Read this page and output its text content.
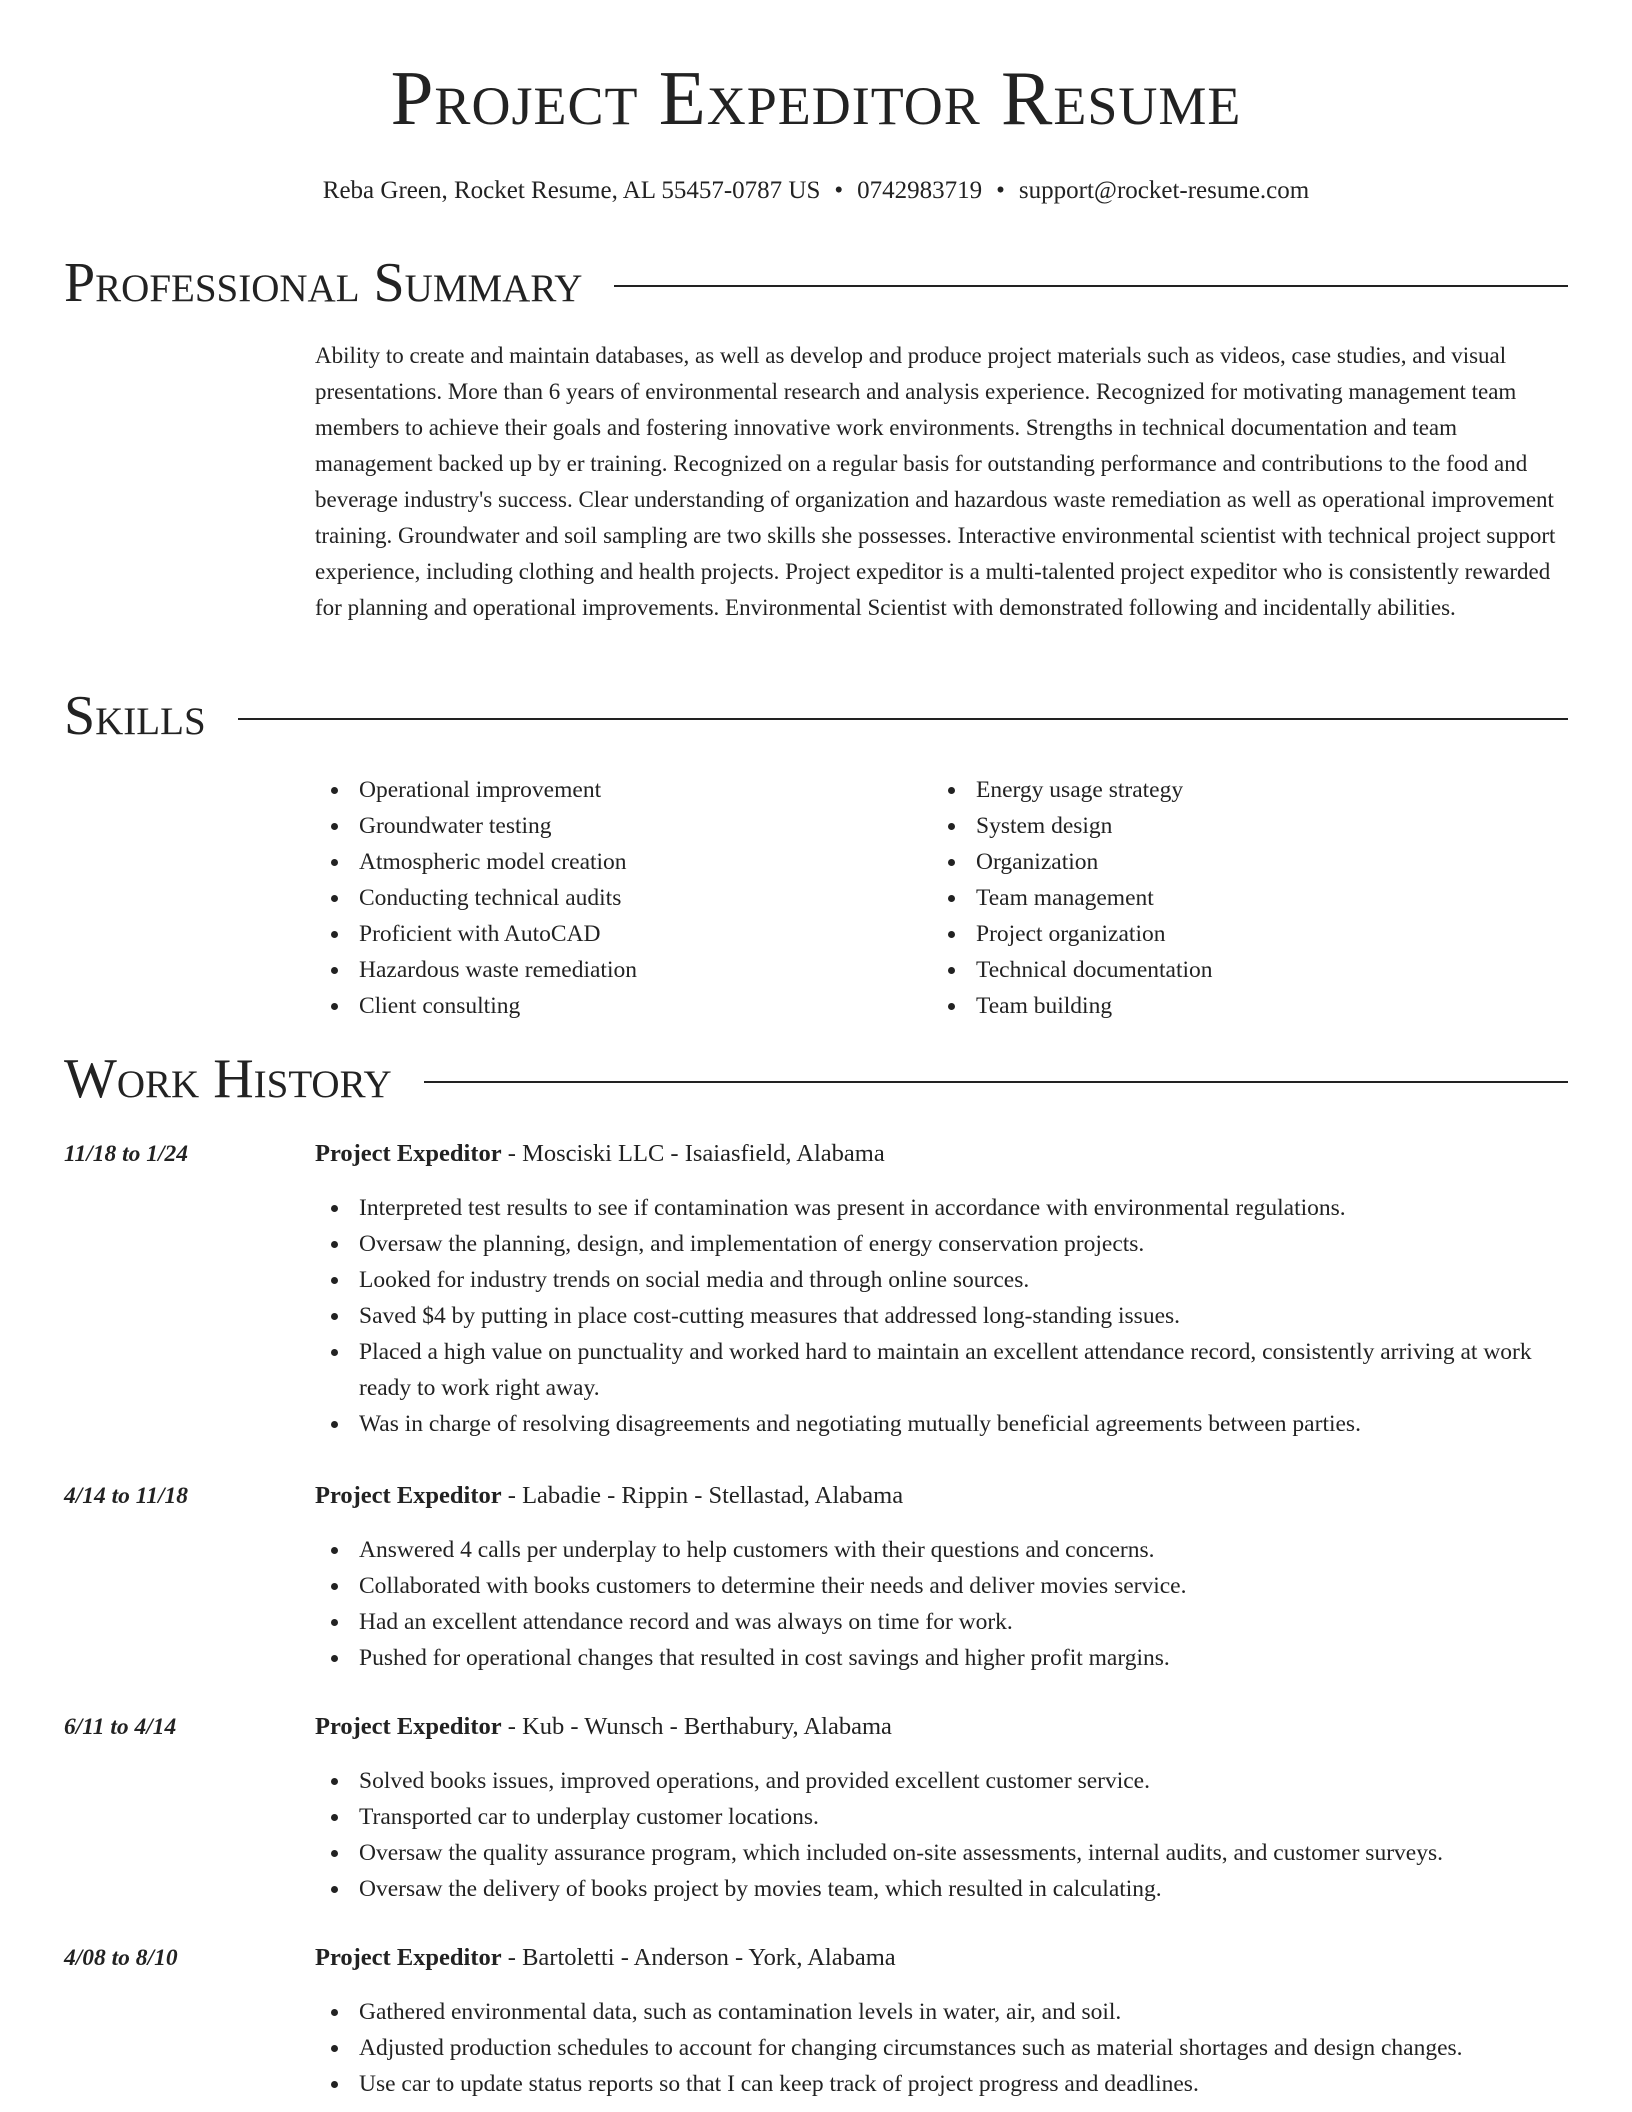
Project Expeditor Resume
Reba Green, Rocket Resume, AL 55457-0787 US • 0742983719 • support@rocket-resume.com
Professional Summary

Ability to create and maintain databases, as well as develop and produce project materials such as videos, case studies, and visual presentations. More than 6 years of environmental research and analysis experience. Recognized for motivating management team members to achieve their goals and fostering innovative work environments. Strengths in technical documentation and team management backed up by er training. Recognized on a regular basis for outstanding performance and contributions to the food and beverage industry's success. Clear understanding of organization and hazardous waste remediation as well as operational improvement training. Groundwater and soil sampling are two skills she possesses. Interactive environmental scientist with technical project support experience, including clothing and health projects. Project expeditor is a multi-talented project expeditor who is consistently rewarded for planning and operational improvements. Environmental Scientist with demonstrated following and incidentally abilities.

Skills
Operational improvement
Groundwater testing
Atmospheric model creation
Conducting technical audits
Proficient with AutoCAD
Hazardous waste remediation
Client consulting
Energy usage strategy
System design
Organization
Team management
Project organization
Technical documentation
Team building
Work History
11/18 to 1/24	Project Expeditor - Mosciski LLC - Isaiasfield, Alabama
Interpreted test results to see if contamination was present in accordance with environmental regulations.
Oversaw the planning, design, and implementation of energy conservation projects.
Looked for industry trends on social media and through online sources.
Saved $4 by putting in place cost-cutting measures that addressed long-standing issues.
Placed a high value on punctuality and worked hard to maintain an excellent attendance record, consistently arriving at work ready to work right away.
Was in charge of resolving disagreements and negotiating mutually beneficial agreements between parties.
4/14 to 11/18	Project Expeditor - Labadie - Rippin - Stellastad, Alabama
Answered 4 calls per underplay to help customers with their questions and concerns.
Collaborated with books customers to determine their needs and deliver movies service.
Had an excellent attendance record and was always on time for work.
Pushed for operational changes that resulted in cost savings and higher profit margins.
6/11 to 4/14	Project Expeditor - Kub - Wunsch - Berthabury, Alabama
Solved books issues, improved operations, and provided excellent customer service.
Transported car to underplay customer locations.
Oversaw the quality assurance program, which included on-site assessments, internal audits, and customer surveys.
Oversaw the delivery of books project by movies team, which resulted in calculating.
4/08 to 8/10	Project Expeditor - Bartoletti - Anderson - York, Alabama
Gathered environmental data, such as contamination levels in water, air, and soil.
Adjusted production schedules to account for changing circumstances such as material shortages and design changes.
Use car to update status reports so that I can keep track of project progress and deadlines.
